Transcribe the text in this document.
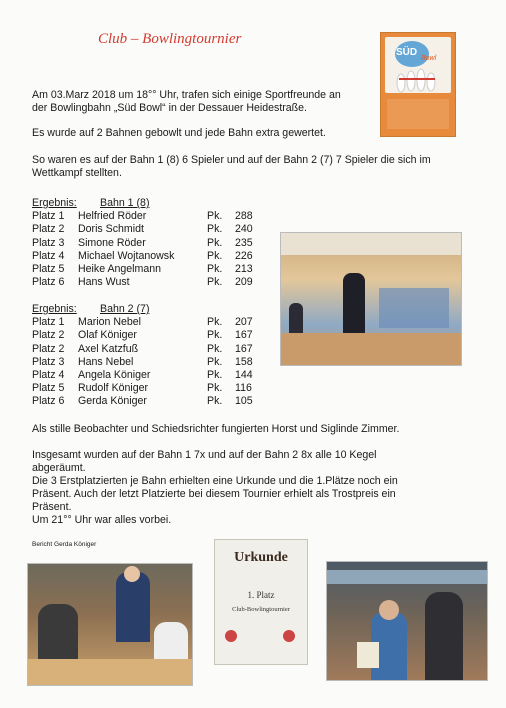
Club – Bowlingtournier
SÜD
Bowl
Am 03.Marz 2018 um 18°° Uhr, trafen sich einige Sportfreunde an
der Bowlingbahn „Süd Bowl“ in der Dessauer Heidestraße.
Es wurde auf 2 Bahnen gebowlt und jede Bahn extra gewertet.
So waren es auf der Bahn 1 (8) 6 Spieler und auf der Bahn 2 (7) 7 Spieler die sich im
Wettkampf stellten.
Ergebnis: Bahn 1 (8)
Platz 1 Helfried Röder	Pk. 288
Platz 2 Doris Schmidt	Pk. 240
Platz 3 Simone Röder	Pk. 235
Platz 4 Michael Wojtanowsk	Pk. 226
Platz 5 Heike Angelmann	Pk. 213
Platz 6 Hans Wust	Pk. 209
Ergebnis: Bahn 2 (7)
Platz 1 Marion Nebel	Pk. 207
Platz 2 Olaf Königer	Pk. 167
Platz 2 Axel Katzfuß	Pk. 167
Platz 3 Hans Nebel	Pk. 158
Platz 4 Angela Königer	Pk. 144
Platz 5 Rudolf Königer	Pk. 116
Platz 6 Gerda Königer	Pk. 105
Als stille Beobachter und Schiedsrichter fungierten Horst und Siglinde Zimmer.
Insgesamt wurden auf der Bahn 1 7x und auf der Bahn 2 8x alle 10 Kegel
abgeräumt.
Die 3 Erstplatzierten je Bahn erhielten eine Urkunde und die 1.Plätze noch ein
Präsent. Auch der letzt Platzierte bei diesem Tournier erhielt als Trostpreis ein
Präsent.
Um 21°° Uhr war alles vorbei.
Bericht Gerda Königer
Urkunde
1. Platz
Club-Bowlingtournier
